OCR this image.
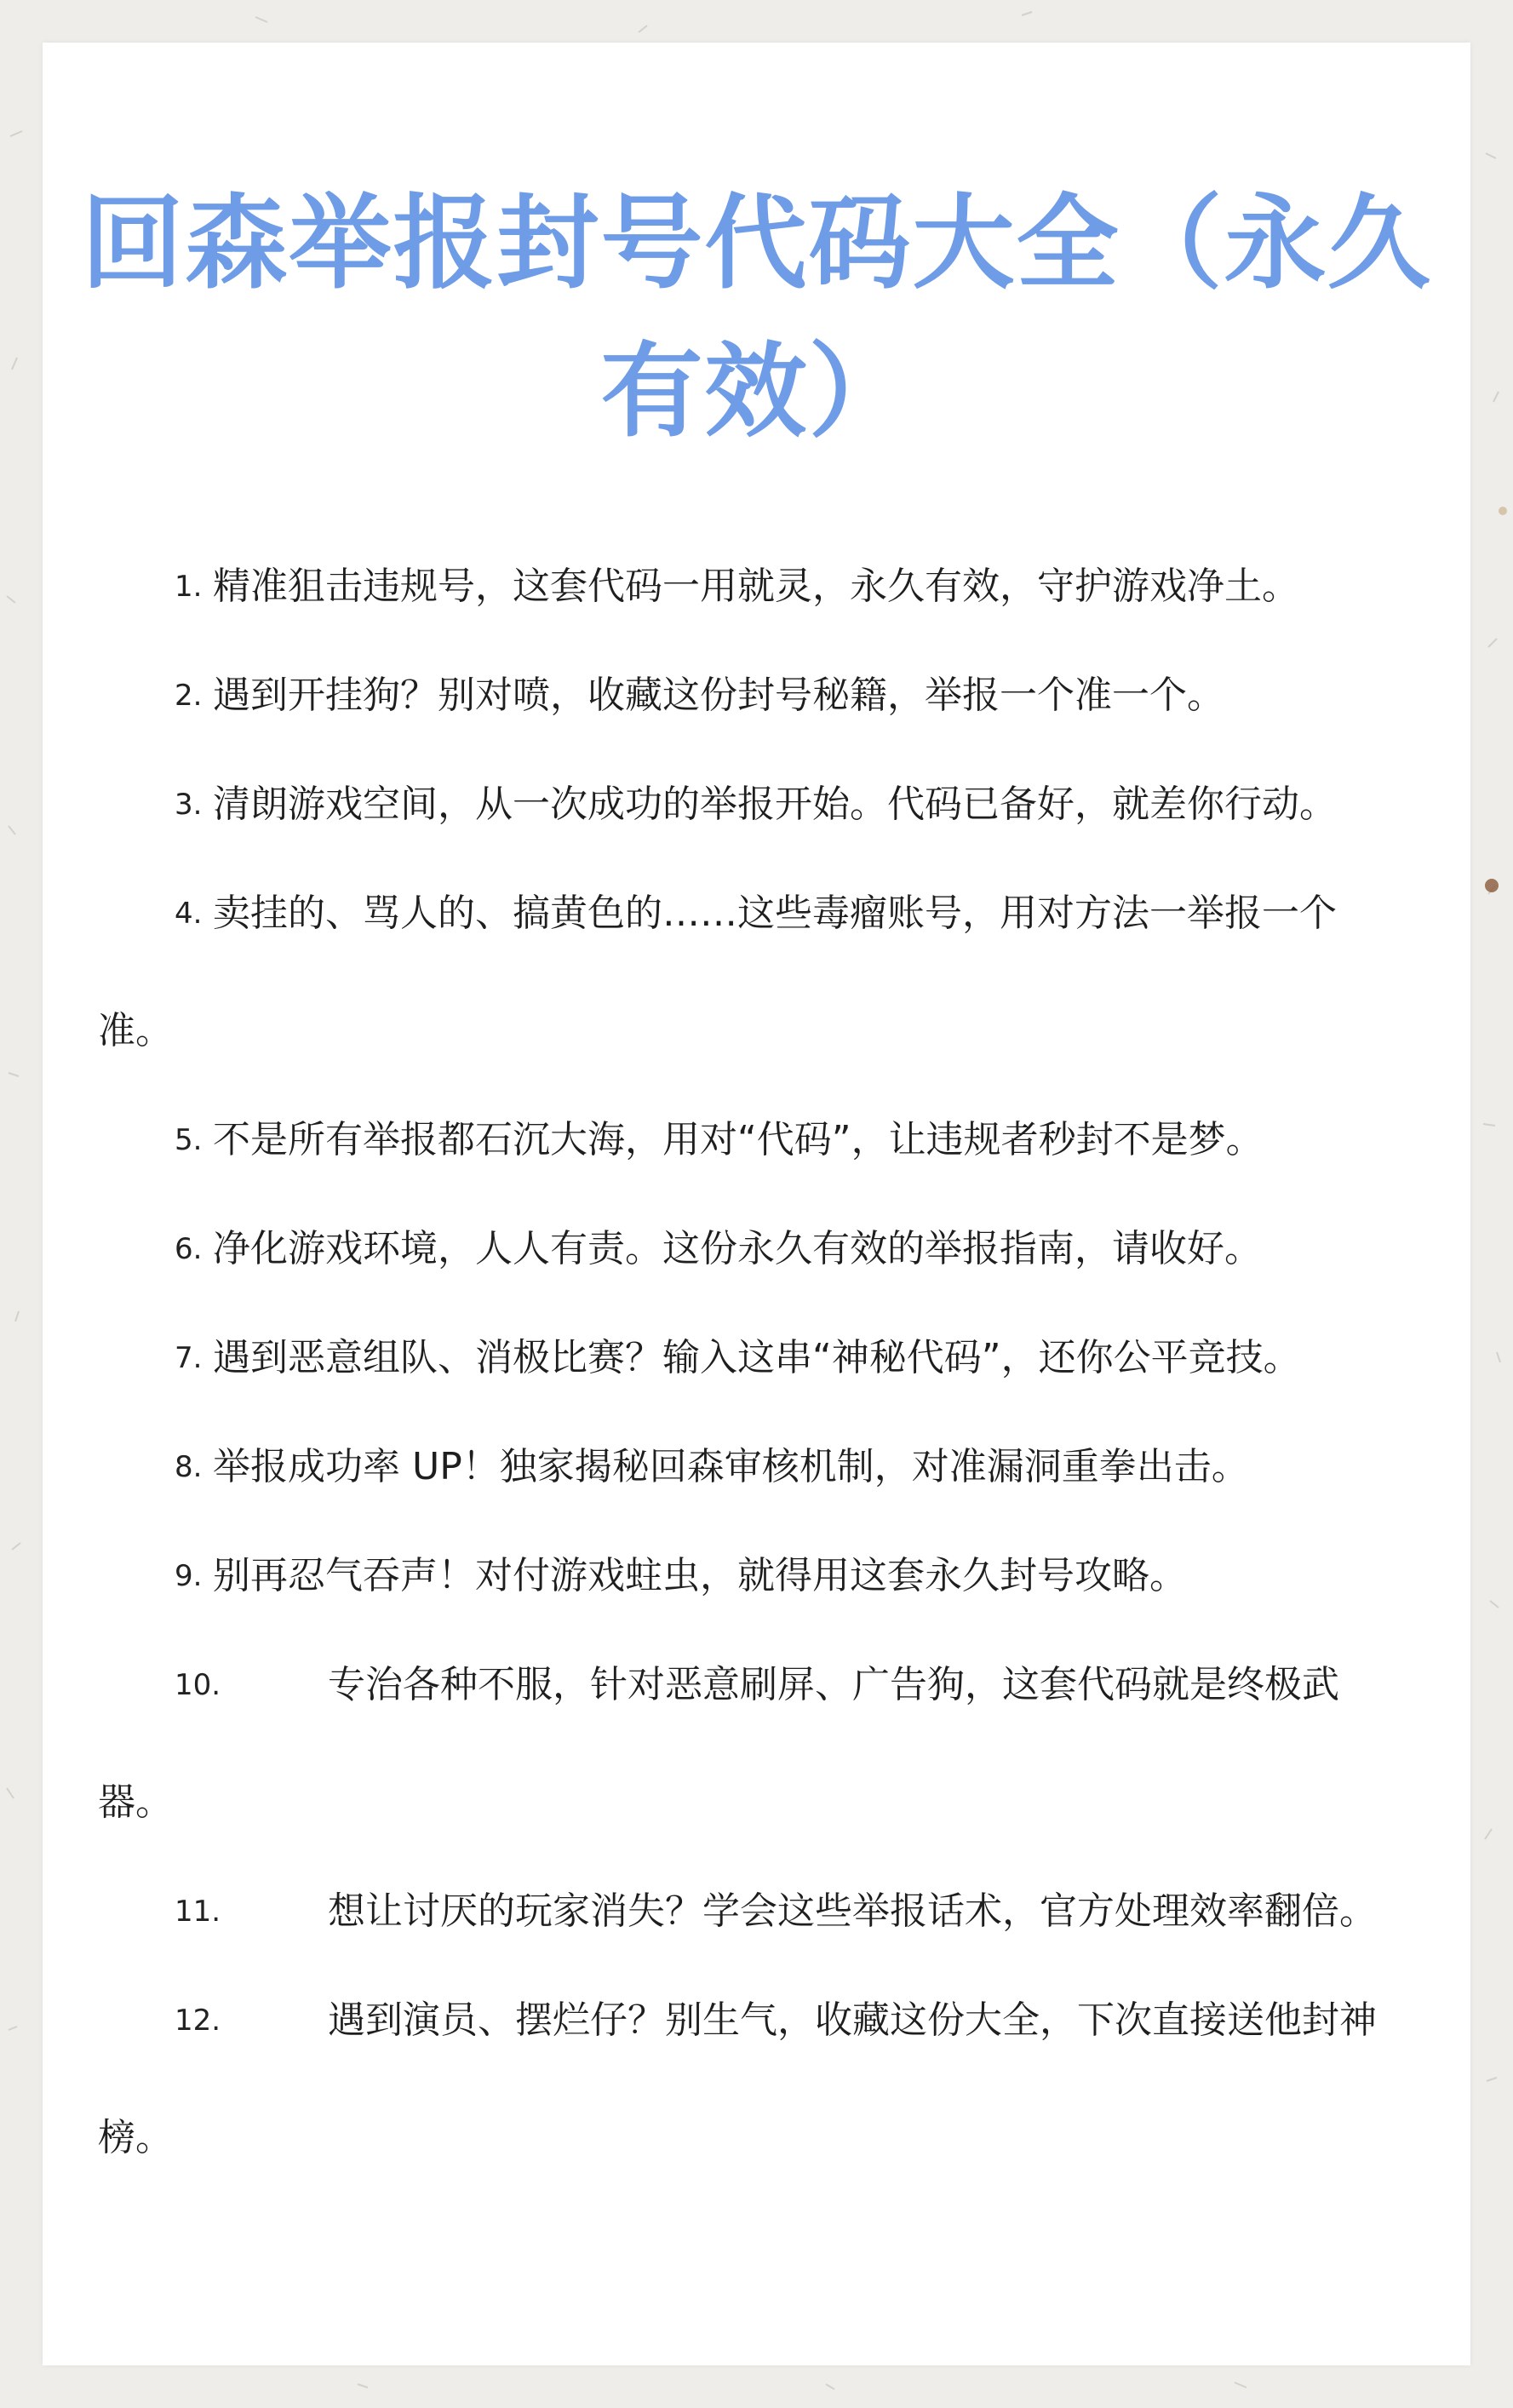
回森举报封号代码大全（永久
有效）
1. 精准狙击违规号，这套代码一用就灵，永久有效，守护游戏净土。
2. 遇到开挂狗？别对喷，收藏这份封号秘籍，举报一个准一个。
3. 清朗游戏空间，从一次成功的举报开始。代码已备好，就差你行动。
4. 卖挂的、骂人的、搞黄色的……这些毒瘤账号，用对方法一举报一个
准。
5. 不是所有举报都石沉大海，用对“代码”，让违规者秒封不是梦。
6. 净化游戏环境，人人有责。这份永久有效的举报指南，请收好。
7. 遇到恶意组队、消极比赛？输入这串“神秘代码”，还你公平竞技。
8. 举报成功率 UP！独家揭秘回森审核机制，对准漏洞重拳出击。
9. 别再忍气吞声！对付游戏蛀虫，就得用这套永久封号攻略。
10.	专治各种不服，针对恶意刷屏、广告狗，这套代码就是终极武
器。
11.	想让讨厌的玩家消失？学会这些举报话术，官方处理效率翻倍。
12.	遇到演员、摆烂仔？别生气，收藏这份大全，下次直接送他封神
榜。
